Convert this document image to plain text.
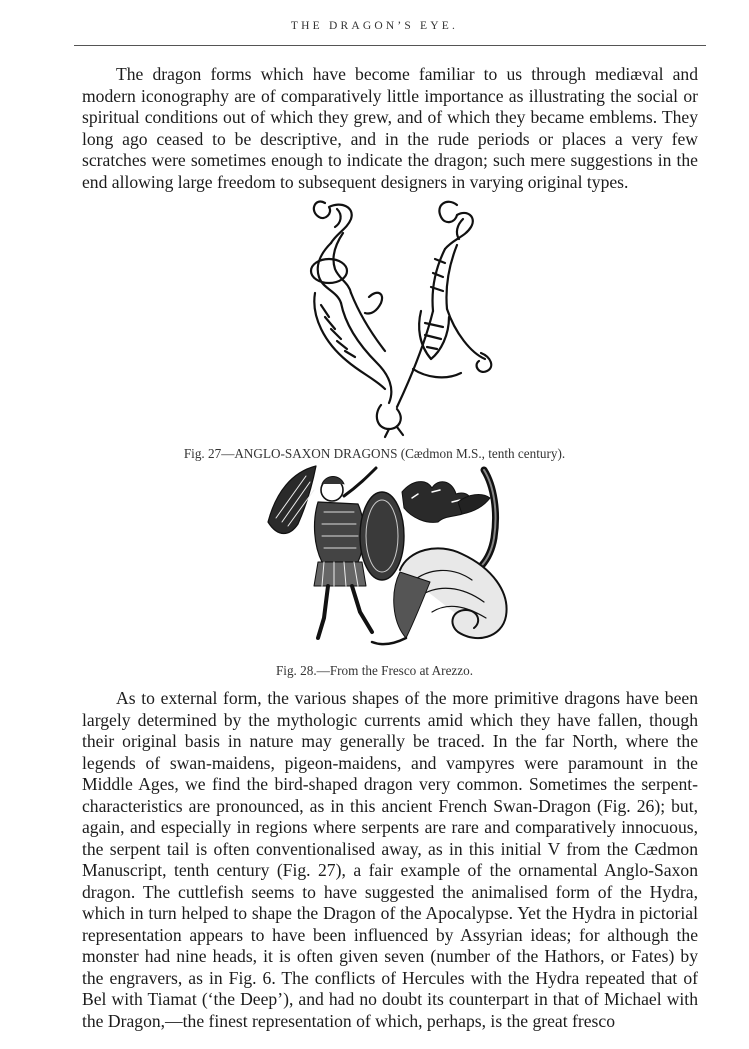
THE DRAGON’S EYE.

The dragon forms which have become familiar to us through mediæval and modern iconography are of comparatively little importance as illustrating the social or spiritual conditions out of which they grew, and of which they became emblems. They long ago ceased to be descriptive, and in the rude periods or places a very few scratches were sometimes enough to indicate the dragon; such mere suggestions in the end allowing large freedom to subsequent designers in varying original types.

Fig. 27—ANGLO-SAXON DRAGONS (Cædmon M.S., tenth century).

Fig. 28.—From the Fresco at Arezzo.

As to external form, the various shapes of the more primitive dragons have been largely determined by the mythologic currents amid which they have fallen, though their original basis in nature may generally be traced. In the far North, where the legends of swan-maidens, pigeon-maidens, and vampyres were paramount in the Middle Ages, we find the bird-shaped dragon very common. Sometimes the serpent-characteristics are pronounced, as in this ancient French Swan-Dragon (Fig. 26); but, again, and especially in regions where serpents are rare and comparatively innocuous, the serpent tail is often conventionalised away, as in this initial V from the Cædmon Manuscript, tenth century (Fig. 27), a fair example of the ornamental Anglo-Saxon dragon. The cuttlefish seems to have suggested the animalised form of the Hydra, which in turn helped to shape the Dragon of the Apocalypse. Yet the Hydra in pictorial representation appears to have been influenced by Assyrian ideas; for although the monster had nine heads, it is often given seven (number of the Hathors, or Fates) by the engravers, as in Fig. 6. The conflicts of Hercules with the Hydra repeated that of Bel with Tiamat (‘the Deep’), and had no doubt its counterpart in that of Michael with the Dragon,—the finest representation of which, perhaps, is the great fresco
